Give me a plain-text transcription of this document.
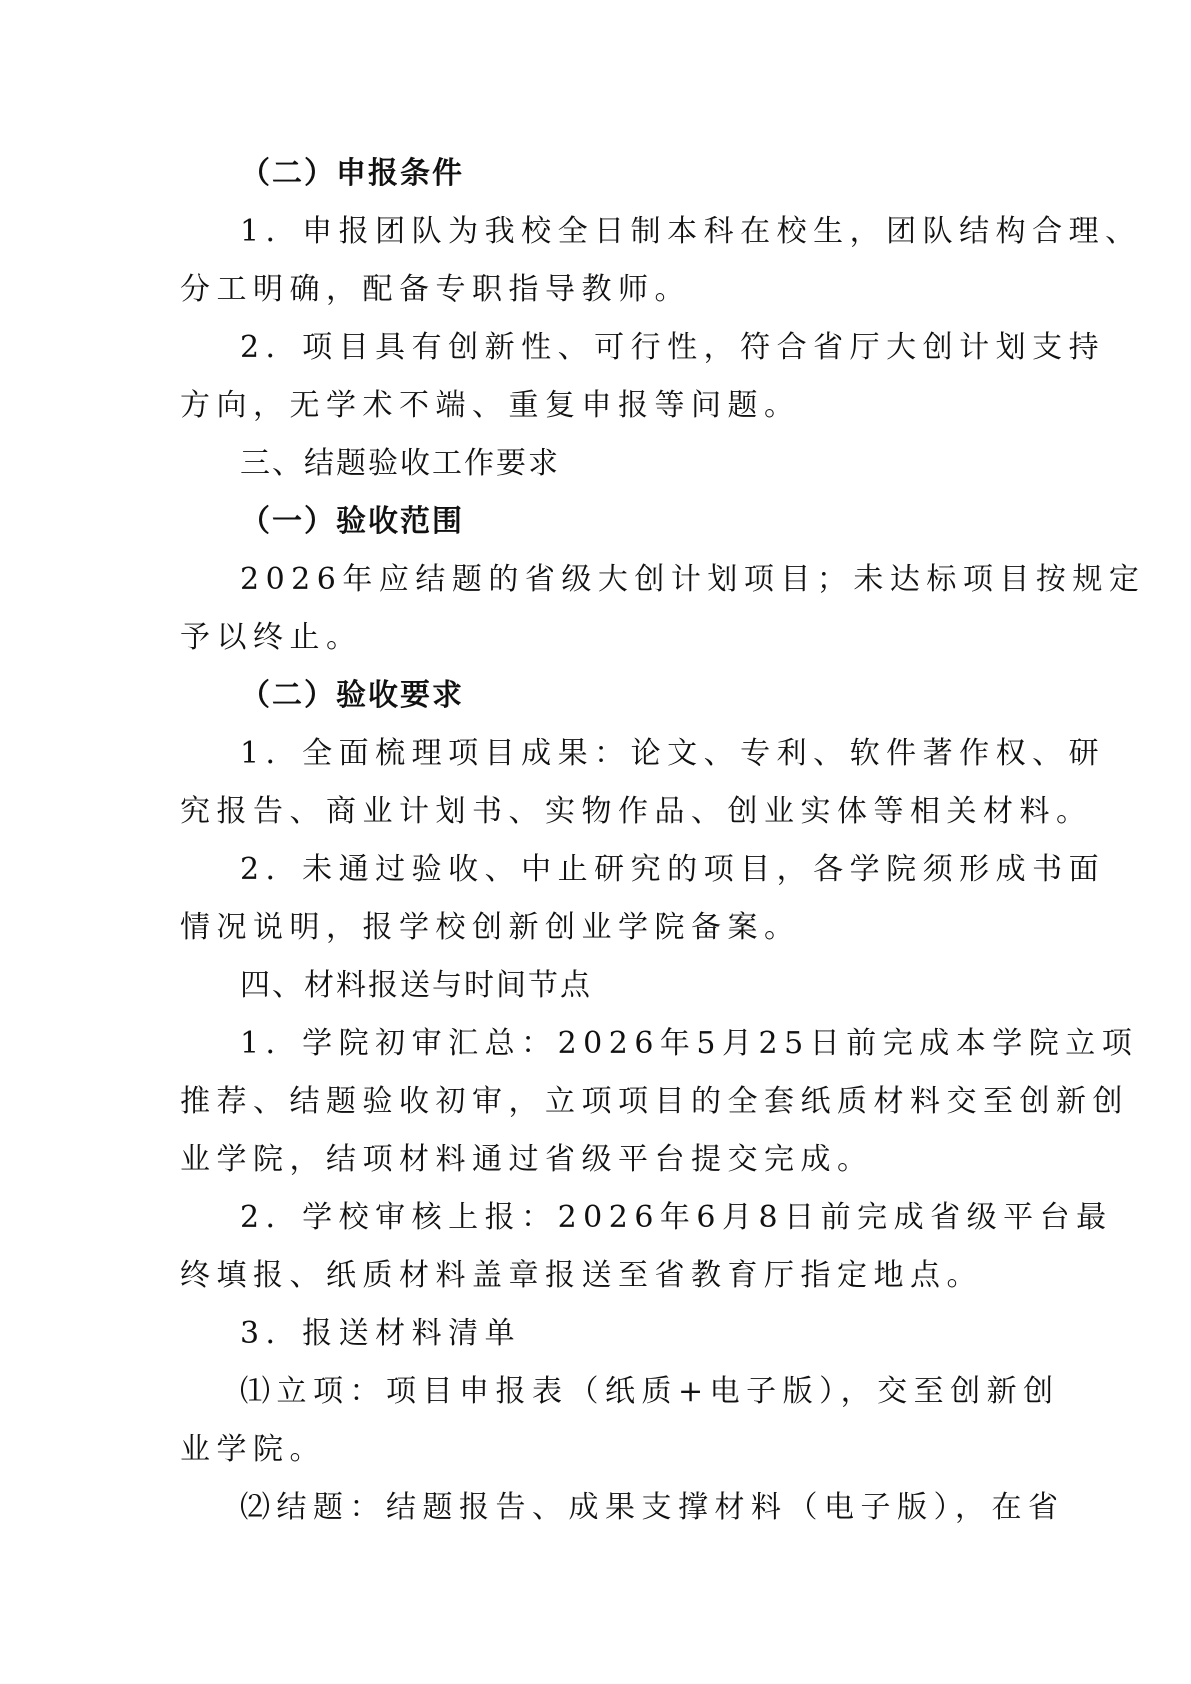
（二）申报条件
1．申报团队为我校全日制本科在校生，团队结构合理、
分工明确，配备专职指导教师。
2．项目具有创新性、可行性，符合省厅大创计划支持
方向，无学术不端、重复申报等问题。
三、结题验收工作要求
（一）验收范围
2026年应结题的省级大创计划项目；未达标项目按规定
予以终止。
（二）验收要求
1．全面梳理项目成果：论文、专利、软件著作权、研
究报告、商业计划书、实物作品、创业实体等相关材料。
2．未通过验收、中止研究的项目，各学院须形成书面
情况说明，报学校创新创业学院备案。
四、材料报送与时间节点
1．学院初审汇总：2026年5月25日前完成本学院立项
推荐、结题验收初审，立项项目的全套纸质材料交至创新创
业学院，结项材料通过省级平台提交完成。
2．学校审核上报：2026年6月8日前完成省级平台最
终填报、纸质材料盖章报送至省教育厅指定地点。
3．报送材料清单
⑴立项：项目申报表（纸质+电子版），交至创新创
业学院。
⑵结题：结题报告、成果支撑材料（电子版），在省
